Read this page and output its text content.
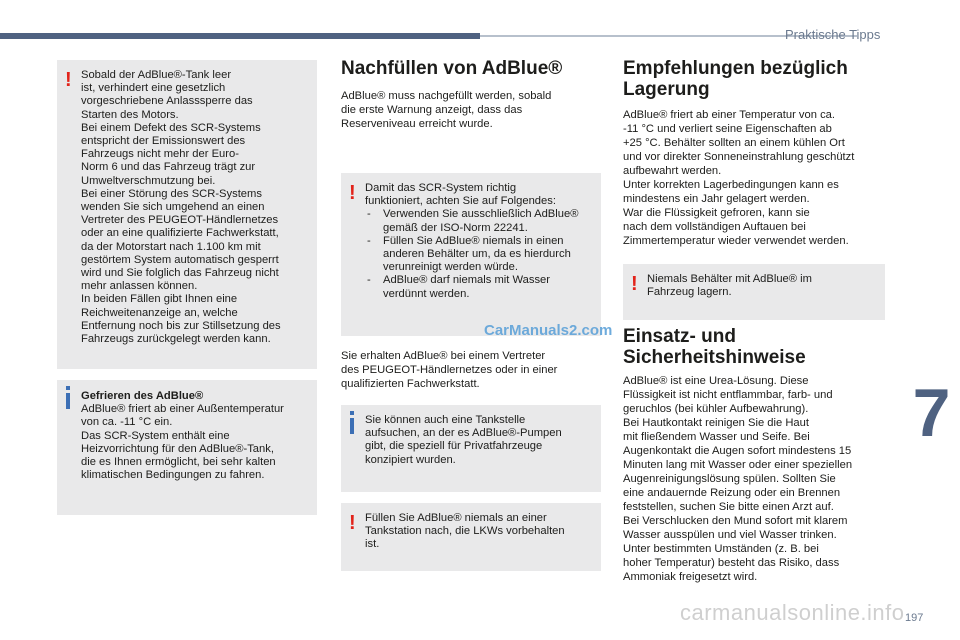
Praktische Tipps
7
! Sobald der AdBlue®-Tank leer
ist, verhindert eine gesetzlich
vorgeschriebene Anlasssperre das
Starten des Motors.
Bei einem Defekt des SCR-Systems
entspricht der Emissionswert des
Fahrzeugs nicht mehr der Euro-
Norm 6 und das Fahrzeug trägt zur
Umweltverschmutzung bei.
Bei einer Störung des SCR-Systems
wenden Sie sich umgehend an einen
Vertreter des PEUGEOT-Händlernetzes
oder an eine qualifizierte Fachwerkstatt,
da der Motorstart nach 1.100 km mit
gestörtem System automatisch gesperrt
wird und Sie folglich das Fahrzeug nicht
mehr anlassen können.
In beiden Fällen gibt Ihnen eine
Reichweitenanzeige an, welche
Entfernung noch bis zur Stillsetzung des
Fahrzeugs zurückgelegt werden kann.

Gefrieren des AdBlue®

AdBlue® friert ab einer Außentemperatur
von ca. -11 °C ein.
Das SCR-System enthält eine
Heizvorrichtung für den AdBlue®-Tank,
die es Ihnen ermöglicht, bei sehr kalten
klimatischen Bedingungen zu fahren.

Nachfüllen von AdBlue®

AdBlue® muss nachgefüllt werden, sobald
die erste Warnung anzeigt, dass das
Reserveniveau erreicht wurde.

! Damit das SCR-System richtig
funktioniert, achten Sie auf Folgendes:

- Verwenden Sie ausschließlich AdBlue®
gemäß der ISO-Norm 22241.
- Füllen Sie AdBlue® niemals in einen
anderen Behälter um, da es hierdurch
verunreinigt werden würde.
- AdBlue® darf niemals mit Wasser
verdünnt werden.
CarManuals2.com

Sie erhalten AdBlue® bei einem Vertreter
des PEUGEOT-Händlernetzes oder in einer
qualifizierten Fachwerkstatt.

Sie können auch eine Tankstelle
aufsuchen, an der es AdBlue®-Pumpen
gibt, die speziell für Privatfahrzeuge
konzipiert wurden.

! Füllen Sie AdBlue® niemals an einer
Tankstation nach, die LKWs vorbehalten
ist.

Empfehlungen bezüglich
Lagerung

AdBlue® friert ab einer Temperatur von ca.
-11 °C und verliert seine Eigenschaften ab
+25 °C. Behälter sollten an einem kühlen Ort
und vor direkter Sonneneinstrahlung geschützt
aufbewahrt werden.
Unter korrekten Lagerbedingungen kann es
mindestens ein Jahr gelagert werden.
War die Flüssigkeit gefroren, kann sie
nach dem vollständigen Auftauen bei
Zimmertemperatur wieder verwendet werden.

! Niemals Behälter mit AdBlue® im
Fahrzeug lagern.

Einsatz- und
Sicherheitshinweise

AdBlue® ist eine Urea-Lösung. Diese
Flüssigkeit ist nicht entflammbar, farb- und
geruchlos (bei kühler Aufbewahrung).
Bei Hautkontakt reinigen Sie die Haut
mit fließendem Wasser und Seife. Bei
Augenkontakt die Augen sofort mindestens 15
Minuten lang mit Wasser oder einer speziellen
Augenreinigungslösung spülen. Sollten Sie
eine andauernde Reizung oder ein Brennen
feststellen, suchen Sie bitte einen Arzt auf.
Bei Verschlucken den Mund sofort mit klarem
Wasser ausspülen und viel Wasser trinken.
Unter bestimmten Umständen (z. B. bei
hoher Temperatur) besteht das Risiko, dass
Ammoniak freigesetzt wird.

carmanualsonline.info 197
